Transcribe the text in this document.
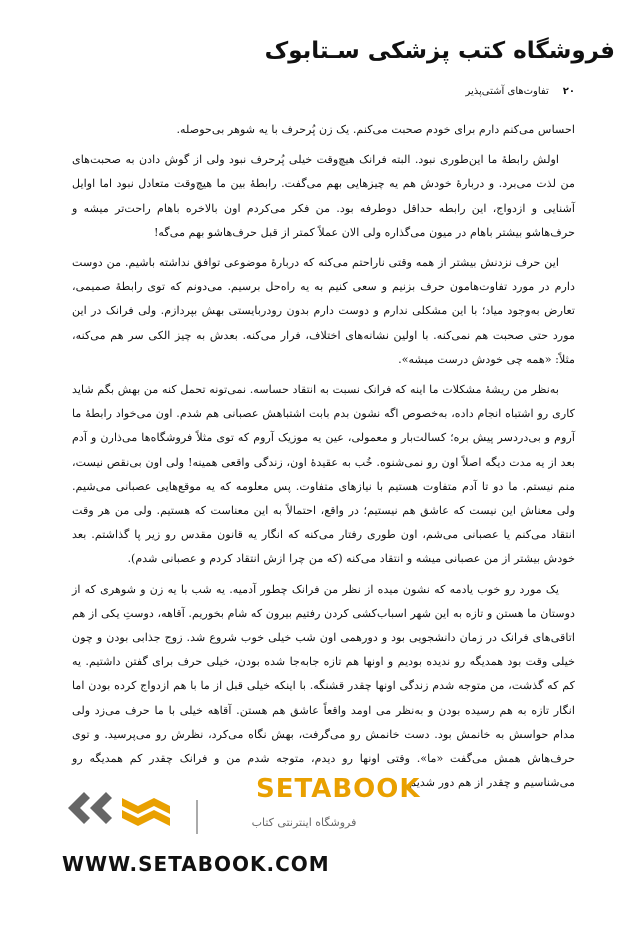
فروشگاه کتب پزشکی سـتابوک
۲۰
تفاوت‌های آشتی‌پذیر

احساس می‌کنم دارم برای خودم صحبت می‌کنم. یک زن پُرحرف با یه شوهر بی‌حوصله.

اولش رابطهٔ ما این‌طوری نبود. البته فرانک هیچ‌وقت خیلی پُرحرف نبود ولی از گوش دادن به صحبت‌های من لذت می‌برد. و دربارهٔ خودش هم یه چیزهایی بهم می‌گفت. رابطهٔ بین ما هیچ‌وقت متعادل نبود اما اوایل آشنایی و ازدواج، این رابطه حداقل دوطرفه بود. من فکر می‌کردم اون بالاخره باهام راحت‌تر میشه و حرف‌هاشو بیشتر باهام در میون می‌گذاره ولی الان عملاً کمتر از قبل حرف‌هاشو بهم می‌گه!

این حرف نزدنش بیشتر از همه وقتی ناراحتم می‌کنه که دربارهٔ موضوعی توافق نداشته باشیم. من دوست دارم در مورد تفاوت‌هامون حرف بزنیم و سعی کنیم به یه راه‌حل برسیم. می‌دونم که توی رابطهٔ صمیمی، تعارض به‌وجود میاد؛ با این مشکلی ندارم و دوست دارم بدون رودربایستی بهش بپردازم. ولی فرانک در این مورد حتی صحبت هم نمی‌کنه. با اولین نشانه‌های اختلاف، فرار می‌کنه. بعدش به چیز الکی سر هم می‌کنه، مثلاً: «همه چی خودش درست میشه».

به‌نظر من ریشهٔ مشکلات ما اینه که فرانک نسبت به انتقاد حساسه. نمی‌تونه تحمل کنه من بهش بگم شاید کاری رو اشتباه انجام داده، به‌خصوص اگه نشون بدم بابت اشتباهش عصبانی هم شدم. اون می‌خواد رابطهٔ ما آروم و بی‌دردسر پیش بره؛ کسالت‌بار و معمولی، عین یه موزیک آروم که توی مثلاً فروشگاه‌ها می‌ذارن و آدم بعد از یه مدت دیگه اصلاً اون رو نمی‌شنوه. خُب به عقیدهٔ اون، زندگی واقعی همینه! ولی اون بی‌نقص نیست، منم نیستم. ما دو تا آدم متفاوت هستیم با نیازهای متفاوت. پس معلومه که یه موقع‌هایی عصبانی می‌شیم. ولی معناش این نیست که عاشق هم نیستیم؛ در واقع، احتمالاً به این معناست که هستیم. ولی من هر وقت انتقاد می‌کنم یا عصبانی می‌شم، اون طوری رفتار می‌کنه که انگار یه قانون مقدس رو زیر پا گذاشتم. بعد خودش بیشتر از من عصبانی میشه و انتقاد می‌کنه (که من چرا ازش انتقاد کردم و عصبانی شدم).

یک مورد رو خوب یادمه که نشون میده از نظر من فرانک چطور آدمیه. یه شب با یه زن و شوهری که از دوستان ما هستن و تازه به این شهر اسباب‌کشی کردن رفتیم بیرون که شام بخوریم. آقاهه، دوستِ یکی از هم اتاقی‌های فرانک در زمان دانشجویی بود و دورهمی اون شب خیلی خوب شروع شد. زوج جذابی بودن و چون خیلی وقت بود همدیگه رو ندیده بودیم و اونها هم تازه جابه‌جا شده بودن، خیلی حرف برای گفتن داشتیم. یه کم که گذشت، من متوجه شدم زندگی اونها چقدر قشنگه. با اینکه خیلی قبل از ما با هم ازدواج کرده بودن اما انگار تازه به هم رسیده بودن و به‌نظر می اومد واقعاً عاشق هم هستن. آقاهه خیلی با ما حرف می‌زد ولی مدام حواسش به خانمش بود. دست خانمش رو می‌گرفت، بهش نگاه می‌کرد، نظرش رو می‌پرسید. و توی حرف‌هاش همش می‌گفت «ما». وقتی اونها رو دیدم، متوجه شدم من و فرانک چقدر کم همدیگه رو می‌شناسیم و چقدر از هم دور شدیم.

SETABOOK
فروشگاه اینترنتی کتاب
WWW.SETABOOK.COM
